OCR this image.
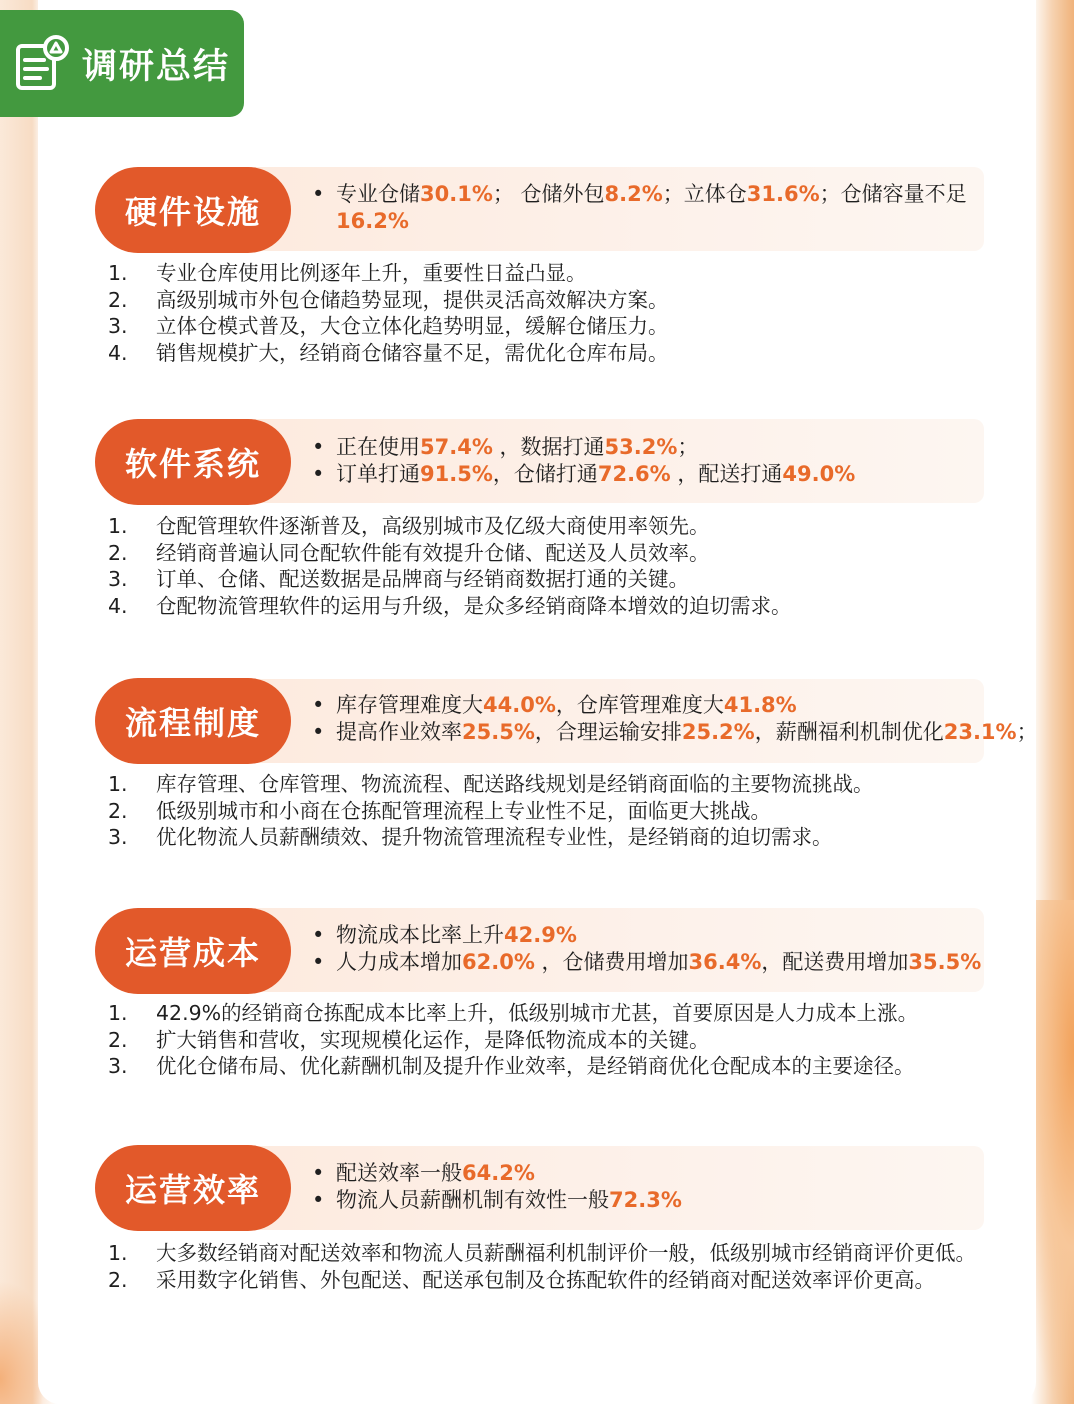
调研总结
硬件设施	• 专业仓储30.1%； 仓储外包8.2%；立体仓31.6%；仓储容量不足
16.2%
1. 专业仓库使用比例逐年上升，重要性日益凸显。
2. 高级别城市外包仓储趋势显现，提供灵活高效解决方案。
3. 立体仓模式普及，大仓立体化趋势明显，缓解仓储压力。
4. 销售规模扩大，经销商仓储容量不足，需优化仓库布局。
软件系统	• 正在使用57.4% ，数据打通53.2%；
• 订单打通91.5%，仓储打通72.6% ，配送打通49.0%
1. 仓配管理软件逐渐普及，高级别城市及亿级大商使用率领先。
2. 经销商普遍认同仓配软件能有效提升仓储、配送及人员效率。
3. 订单、仓储、配送数据是品牌商与经销商数据打通的关键。
4. 仓配物流管理软件的运用与升级，是众多经销商降本增效的迫切需求。
流程制度	• 库存管理难度大44.0%，仓库管理难度大41.8%
• 提高作业效率25.5%，合理运输安排25.2%，薪酬福利机制优化23.1%；
1. 库存管理、仓库管理、物流流程、配送路线规划是经销商面临的主要物流挑战。
2. 低级别城市和小商在仓拣配管理流程上专业性不足，面临更大挑战。
3. 优化物流人员薪酬绩效、提升物流管理流程专业性，是经销商的迫切需求。
运营成本	• 物流成本比率上升42.9%
• 人力成本增加62.0% ，仓储费用增加36.4%，配送费用增加35.5%
1. 42.9%的经销商仓拣配成本比率上升，低级别城市尤甚，首要原因是人力成本上涨。
2. 扩大销售和营收，实现规模化运作，是降低物流成本的关键。
3. 优化仓储布局、优化薪酬机制及提升作业效率，是经销商优化仓配成本的主要途径。
运营效率	• 配送效率一般64.2%
• 物流人员薪酬机制有效性一般72.3%
1. 大多数经销商对配送效率和物流人员薪酬福利机制评价一般，低级别城市经销商评价更低。
2. 采用数字化销售、外包配送、配送承包制及仓拣配软件的经销商对配送效率评价更高。
